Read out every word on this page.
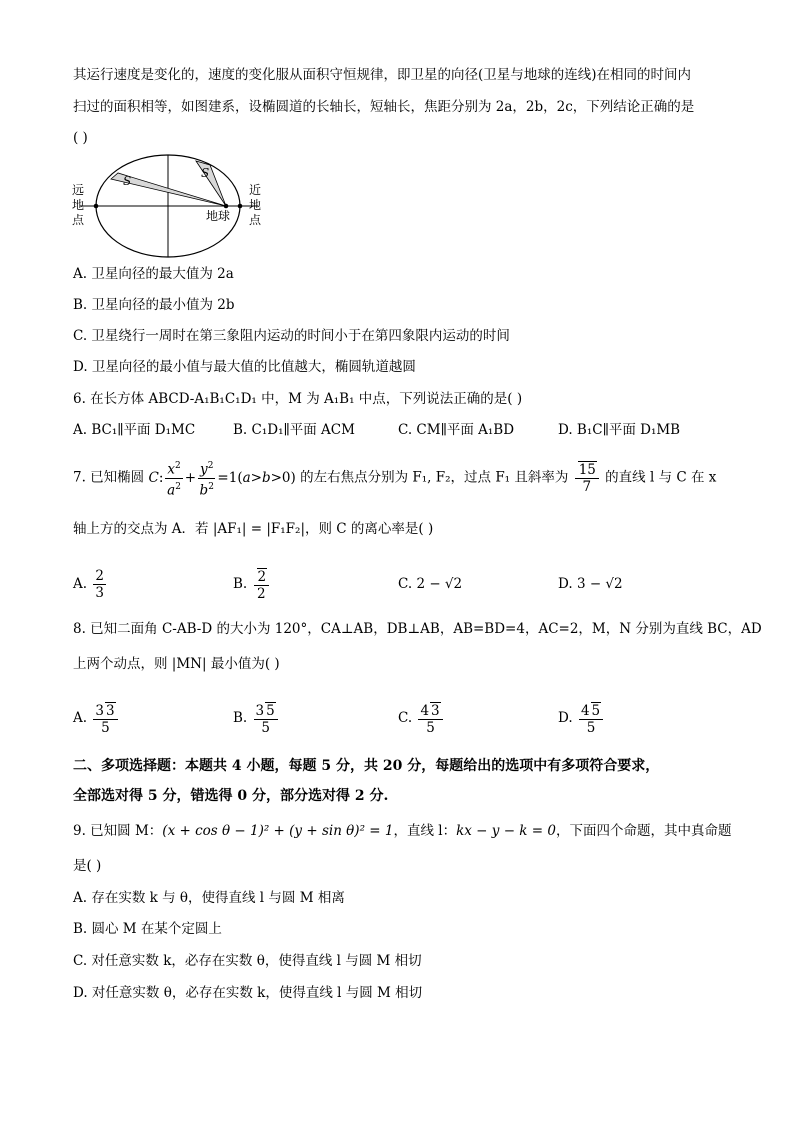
其运行速度是变化的，速度的变化服从面积守恒规律，即卫星的向径(卫星与地球的连线)在相同的时间内
扫过的面积相等，如图建系，设椭圆道的长轴长，短轴长，焦距分别为 2a，2b，2c，下列结论正确的是
( )
S
S
地球
远
地
点
近
地
点
A. 卫星向径的最大值为 2a
B. 卫星向径的最小值为 2b
C. 卫星绕行一周时在第三象阻内运动的时间小于在第四象限内运动的时间
D. 卫星向径的最小值与最大值的比值越大，椭圆轨道越圆
6. 在长方体 ABCD-A₁B₁C₁D₁ 中，M 为 A₁B₁ 中点，下列说法正确的是( )
A. BC₁∥平面 D₁MC	B. C₁D₁∥平面 ACM	C. CM∥平面 A₁BD	D. B₁C∥平面 D₁MB
7. 已知椭圆 C: $\frac{x^2}{a^2} + \frac{y^2}{b^2} =1(a>b>0)$ 的左右焦点分别为 F₁, F₂，过点 F₁ 且斜率为 $\frac{15}{7}$ 的直线 l 与 C 在 x
轴上方的交点为 A．若 |AF₁| = |F₁F₂|，则 C 的离心率是( )
A. $\frac{2}{3}$	B. $\frac{2}{2}$	C. 2 − √2	D. 3 − √2
8. 已知二面角 C-AB-D 的大小为 120°，CA⊥AB，DB⊥AB，AB=BD=4，AC=2，M，N 分别为直线 BC，AD
上两个动点，则 |MN| 最小值为( )
A. $\frac{3 3}{5}$	B. $\frac{3 5}{5}$	C. $\frac{4 3}{5}$	D. $\frac{4 5}{5}$
二、多项选择题：本题共 4 小题，每题 5 分，共 20 分，每题给出的选项中有多项符合要求，
全部选对得 5 分，错选得 0 分，部分选对得 2 分.
9. 已知圆 M：(x + cos θ − 1)² + (y + sin θ)² = 1，直线 l：kx − y − k = 0，下面四个命题，其中真命题
是( )
A. 存在实数 k 与 θ，使得直线 l 与圆 M 相离
B. 圆心 M 在某个定圆上
C. 对任意实数 k，必存在实数 θ，使得直线 l 与圆 M 相切
D. 对任意实数 θ，必存在实数 k，使得直线 l 与圆 M 相切
